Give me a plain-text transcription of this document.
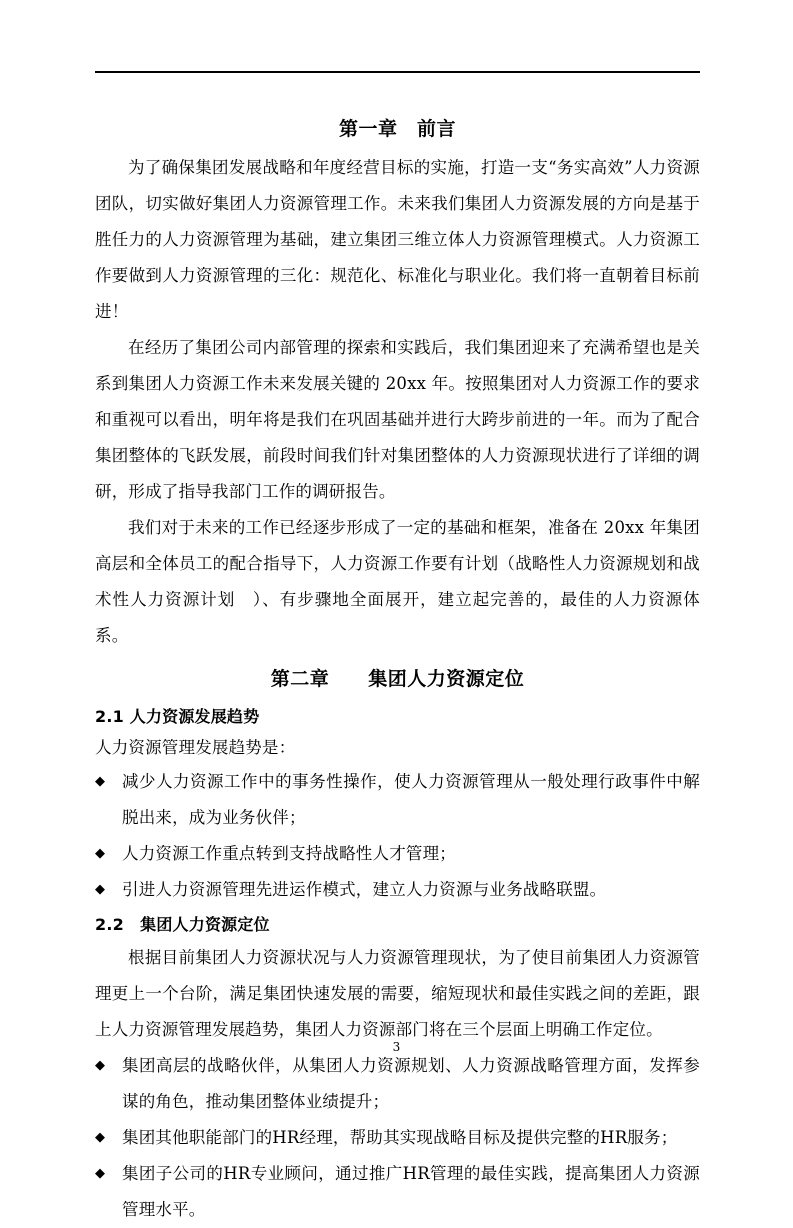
第一章　前言

为了确保集团发展战略和年度经营目标的实施，打造一支“务实高效”人力资源团队，切实做好集团人力资源管理工作。未来我们集团人力资源发展的方向是基于胜任力的人力资源管理为基础，建立集团三维立体人力资源管理模式。人力资源工作要做到人力资源管理的三化：规范化、标准化与职业化。我们将一直朝着目标前进！

在经历了集团公司内部管理的探索和实践后，我们集团迎来了充满希望也是关系到集团人力资源工作未来发展关键的 20xx 年。按照集团对人力资源工作的要求和重视可以看出，明年将是我们在巩固基础并进行大跨步前进的一年。而为了配合集团整体的飞跃发展，前段时间我们针对集团整体的人力资源现状进行了详细的调研，形成了指导我部门工作的调研报告。

我们对于未来的工作已经逐步形成了一定的基础和框架，准备在 20xx 年集团高层和全体员工的配合指导下，人力资源工作要有计划（战略性人力资源规划和战术性人力资源计划　）、有步骤地全面展开，建立起完善的，最佳的人力资源体系。

第二章　　集团人力资源定位
2.1 人力资源发展趋势

人力资源管理发展趋势是：

◆ 减少人力资源工作中的事务性操作，使人力资源管理从一般处理行政事件中解脱出来，成为业务伙伴；
◆ 人力资源工作重点转到支持战略性人才管理；
◆ 引进人力资源管理先进运作模式，建立人力资源与业务战略联盟。
2.2　集团人力资源定位

根据目前集团人力资源状况与人力资源管理现状，为了使目前集团人力资源管理更上一个台阶，满足集团快速发展的需要，缩短现状和最佳实践之间的差距，跟上人力资源管理发展趋势，集团人力资源部门将在三个层面上明确工作定位。

◆ 集团高层的战略伙伴，从集团人力资源规划、人力资源战略管理方面，发挥参谋的角色，推动集团整体业绩提升；
◆ 集团其他职能部门的HR经理，帮助其实现战略目标及提供完整的HR服务；
◆ 集团子公司的HR专业顾问，通过推广HR管理的最佳实践，提高集团人力资源管理水平。
3
